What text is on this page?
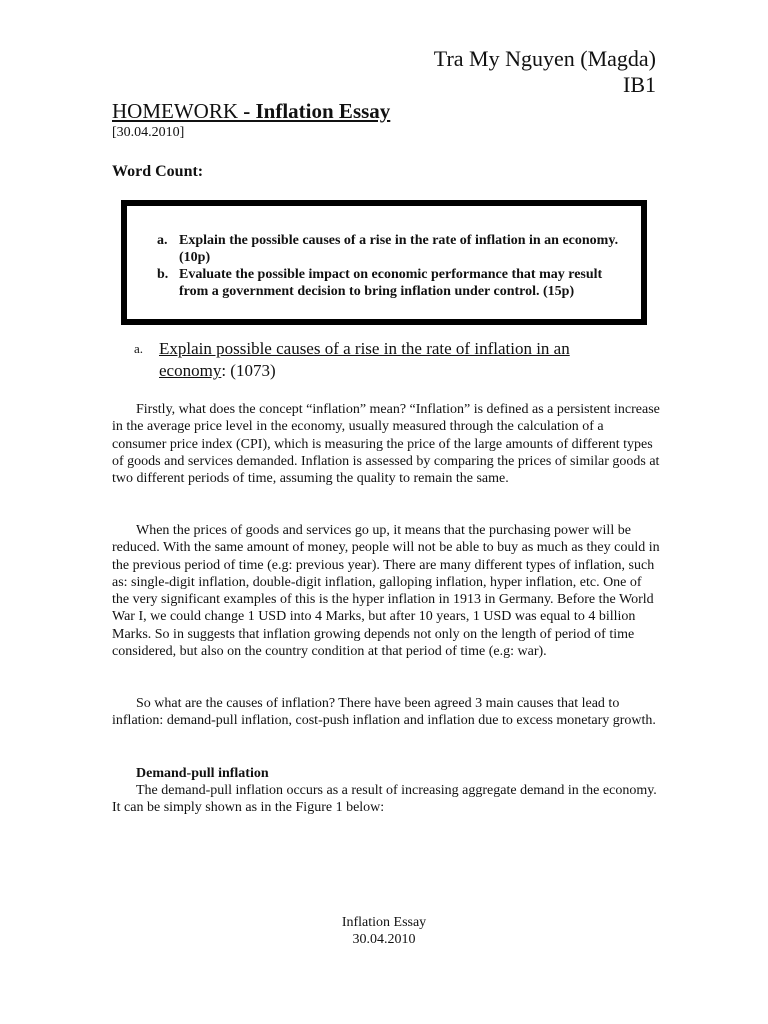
Tra My Nguyen (Magda)
IB1
HOMEWORK - Inflation Essay
[30.04.2010]
Word Count:
a. Explain the possible causes of a rise in the rate of inflation in an economy. (10p)
b. Evaluate the possible impact on economic performance that may result from a government decision to bring inflation under control. (15p)
a. Explain possible causes of a rise in the rate of inflation in an
economy: (1073)

Firstly, what does the concept “inflation” mean? “Inflation” is defined as a persistent increase in the average price level in the economy, usually measured through the calculation of a consumer price index (CPI), which is measuring the price of the large amounts of different types of goods and services demanded. Inflation is assessed by comparing the prices of similar goods at two different periods of time, assuming the quality to remain the same.

When the prices of goods and services go up, it means that the purchasing power will be reduced. With the same amount of money, people will not be able to buy as much as they could in the previous period of time (e.g: previous year). There are many different types of inflation, such as: single-digit inflation, double-digit inflation, galloping inflation, hyper inflation, etc. One of the very significant examples of this is the hyper inflation in 1913 in Germany. Before the World War I, we could change 1 USD into 4 Marks, but after 10 years, 1 USD was equal to 4 billion Marks. So in suggests that inflation growing depends not only on the length of period of time considered, but also on the country condition at that period of time (e.g: war).

So what are the causes of inflation? There have been agreed 3 main causes that lead to inflation: demand-pull inflation, cost-push inflation and inflation due to excess monetary growth.

Demand-pull inflation

The demand-pull inflation occurs as a result of increasing aggregate demand in the economy. It can be simply shown as in the Figure 1 below:

Inflation Essay
30.04.2010
